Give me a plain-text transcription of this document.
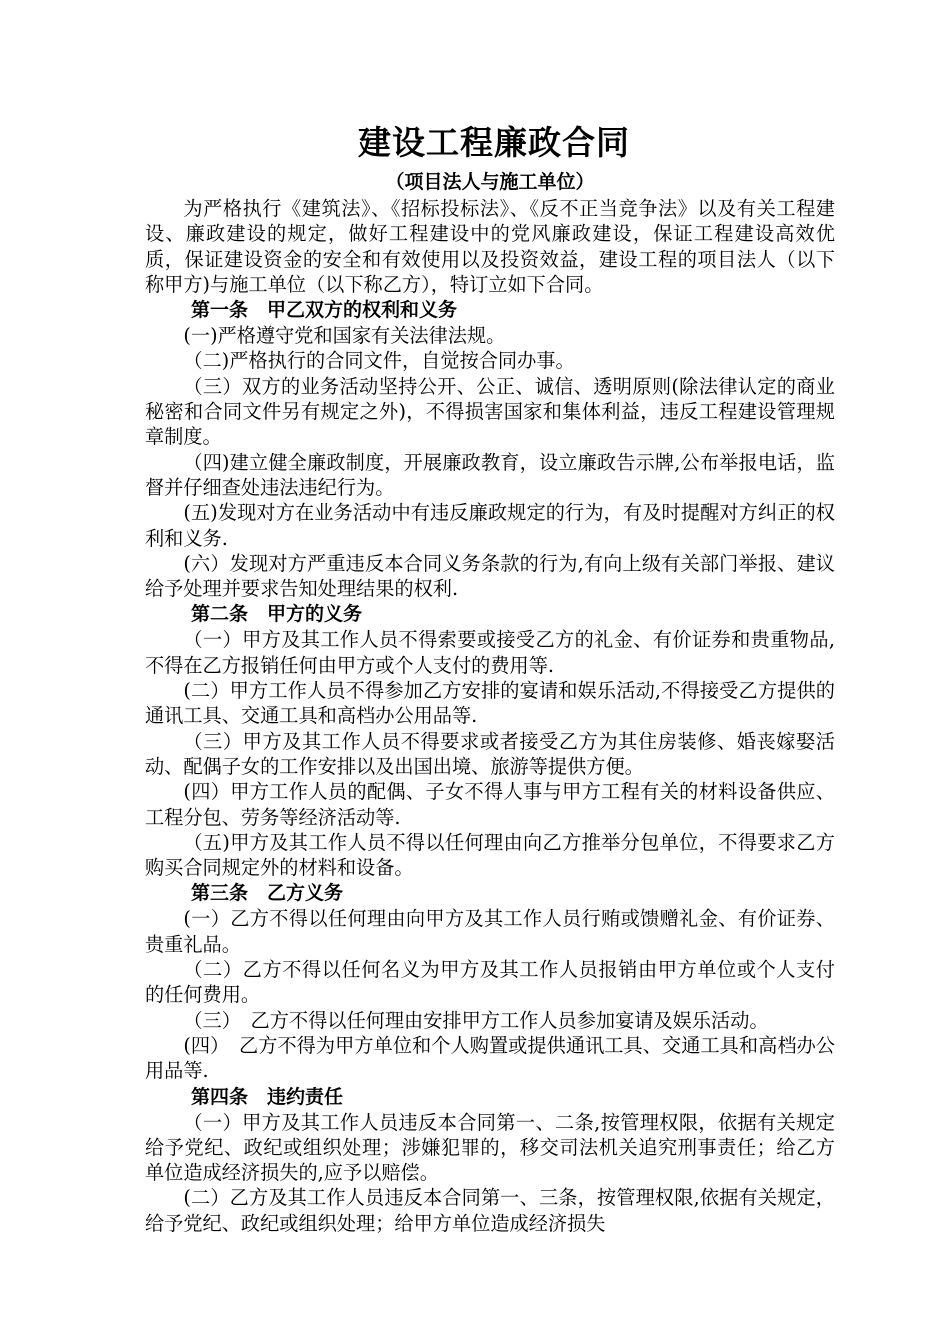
建设工程廉政合同

（项目法人与施工单位）

为严格执行《建筑法》、《招标投标法》、《反不正当竞争法》以及有关工程建设、廉政建设的规定，做好工程建设中的党风廉政建设，保证工程建设高效优质，保证建设资金的安全和有效使用以及投资效益，建设工程的项目法人（以下称甲方)与施工单位（以下称乙方），特订立如下合同。

第一条　甲乙双方的权利和义务

(一)严格遵守党和国家有关法律法规。

（二)严格执行的合同文件，自觉按合同办事。

（三）双方的业务活动坚持公开、公正、诚信、透明原则(除法律认定的商业秘密和合同文件另有规定之外)，不得损害国家和集体利益，违反工程建设管理规章制度。

（四)建立健全廉政制度，开展廉政教育，设立廉政告示牌,公布举报电话，监督并仔细查处违法违纪行为。

(五)发现对方在业务活动中有违反廉政规定的行为，有及时提醒对方纠正的权利和义务.

(六）发现对方严重违反本合同义务条款的行为,有向上级有关部门举报、建议给予处理并要求告知处理结果的权利.

第二条　甲方的义务

（一）甲方及其工作人员不得索要或接受乙方的礼金、有价证券和贵重物品,不得在乙方报销任何由甲方或个人支付的费用等.

(二）甲方工作人员不得参加乙方安排的宴请和娱乐活动,不得接受乙方提供的通讯工具、交通工具和高档办公用品等.

（三）甲方及其工作人员不得要求或者接受乙方为其住房装修、婚丧嫁娶活动、配偶子女的工作安排以及出国出境、旅游等提供方便。

(四）甲方工作人员的配偶、子女不得人事与甲方工程有关的材料设备供应、工程分包、劳务等经济活动等.

（五)甲方及其工作人员不得以任何理由向乙方推举分包单位，不得要求乙方购买合同规定外的材料和设备。

第三条　乙方义务

(一）乙方不得以任何理由向甲方及其工作人员行贿或馈赠礼金、有价证券、贵重礼品。

（二）乙方不得以任何名义为甲方及其工作人员报销由甲方单位或个人支付的任何费用。

（三）　乙方不得以任何理由安排甲方工作人员参加宴请及娱乐活动。

(四）　乙方不得为甲方单位和个人购置或提供通讯工具、交通工具和高档办公用品等.

第四条　违约责任

（一）甲方及其工作人员违反本合同第一、二条,按管理权限，依据有关规定给予党纪、政纪或组织处理；涉嫌犯罪的，移交司法机关追究刑事责任；给乙方单位造成经济损失的,应予以赔偿。

(二）乙方及其工作人员违反本合同第一、三条，按管理权限,依据有关规定，给予党纪、政纪或组织处理；给甲方单位造成经济损失
